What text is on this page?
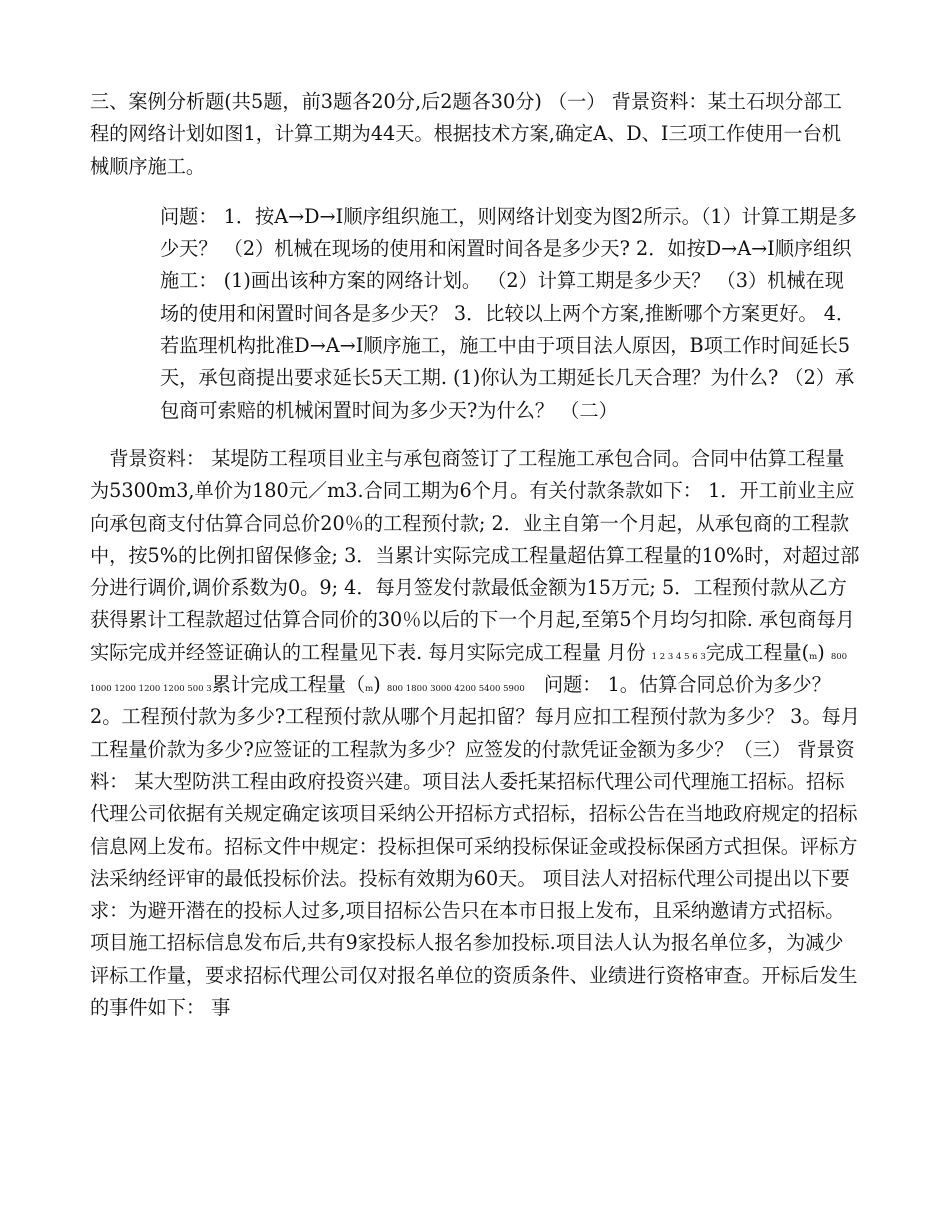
三、案例分析题(共5题，前3题各20分,后2题各30分) （一） 背景资料：某土石坝分部工程的网络计划如图1，计算工期为44天。根据技术方案,确定A、D、I三项工作使用一台机械顺序施工。

问题： 1．按A→D→I顺序组织施工，则网络计划变为图2所示。（1）计算工期是多少天？ （2）机械在现场的使用和闲置时间各是多少天? 2．如按D→A→I顺序组织施工： (1)画出该种方案的网络计划。 （2）计算工期是多少天？ （3）机械在现场的使用和闲置时间各是多少天？ 3．比较以上两个方案,推断哪个方案更好。 4．若监理机构批准D→A→I顺序施工，施工中由于项目法人原因，B项工作时间延长5天，承包商提出要求延长5天工期. (1)你认为工期延长几天合理？为什么? （2）承包商可索赔的机械闲置时间为多少天?为什么？ （二）

 背景资料： 某堤防工程项目业主与承包商签订了工程施工承包合同。合同中估算工程量为5300m3,单价为180元／m3.合同工期为6个月。有关付款条款如下： 1．开工前业主应向承包商支付估算合同总价20％的工程预付款; 2．业主自第一个月起，从承包商的工程款中，按5%的比例扣留保修金; 3．当累计实际完成工程量超估算工程量的10%时，对超过部分进行调价,调价系数为0。9; 4．每月签发付款最低金额为15万元; 5．工程预付款从乙方获得累计工程款超过估算合同价的30％以后的下一个月起,至第5个月均匀扣除. 承包商每月实际完成并经签证确认的工程量见下表. 每月实际完成工程量 月份 1 2 3 4 5 6 3完成工程量(m) 800 1000 1200 1200 1200 500 3累计完成工程量（m) 800 1800 3000 4200 5400 5900  问题： 1。估算合同总价为多少？ 2。工程预付款为多少?工程预付款从哪个月起扣留？每月应扣工程预付款为多少？ 3。每月工程量价款为多少?应签证的工程款为多少？应签发的付款凭证金额为多少？（三） 背景资料： 某大型防洪工程由政府投资兴建。项目法人委托某招标代理公司代理施工招标。招标代理公司依据有关规定确定该项目采纳公开招标方式招标，招标公告在当地政府规定的招标信息网上发布。招标文件中规定：投标担保可采纳投标保证金或投标保函方式担保。评标方法采纳经评审的最低投标价法。投标有效期为60天。 项目法人对招标代理公司提出以下要求：为避开潜在的投标人过多,项目招标公告只在本市日报上发布，且采纳邀请方式招标。 项目施工招标信息发布后,共有9家投标人报名参加投标.项目法人认为报名单位多，为减少评标工作量，要求招标代理公司仅对报名单位的资质条件、业绩进行资格审查。开标后发生的事件如下： 事
